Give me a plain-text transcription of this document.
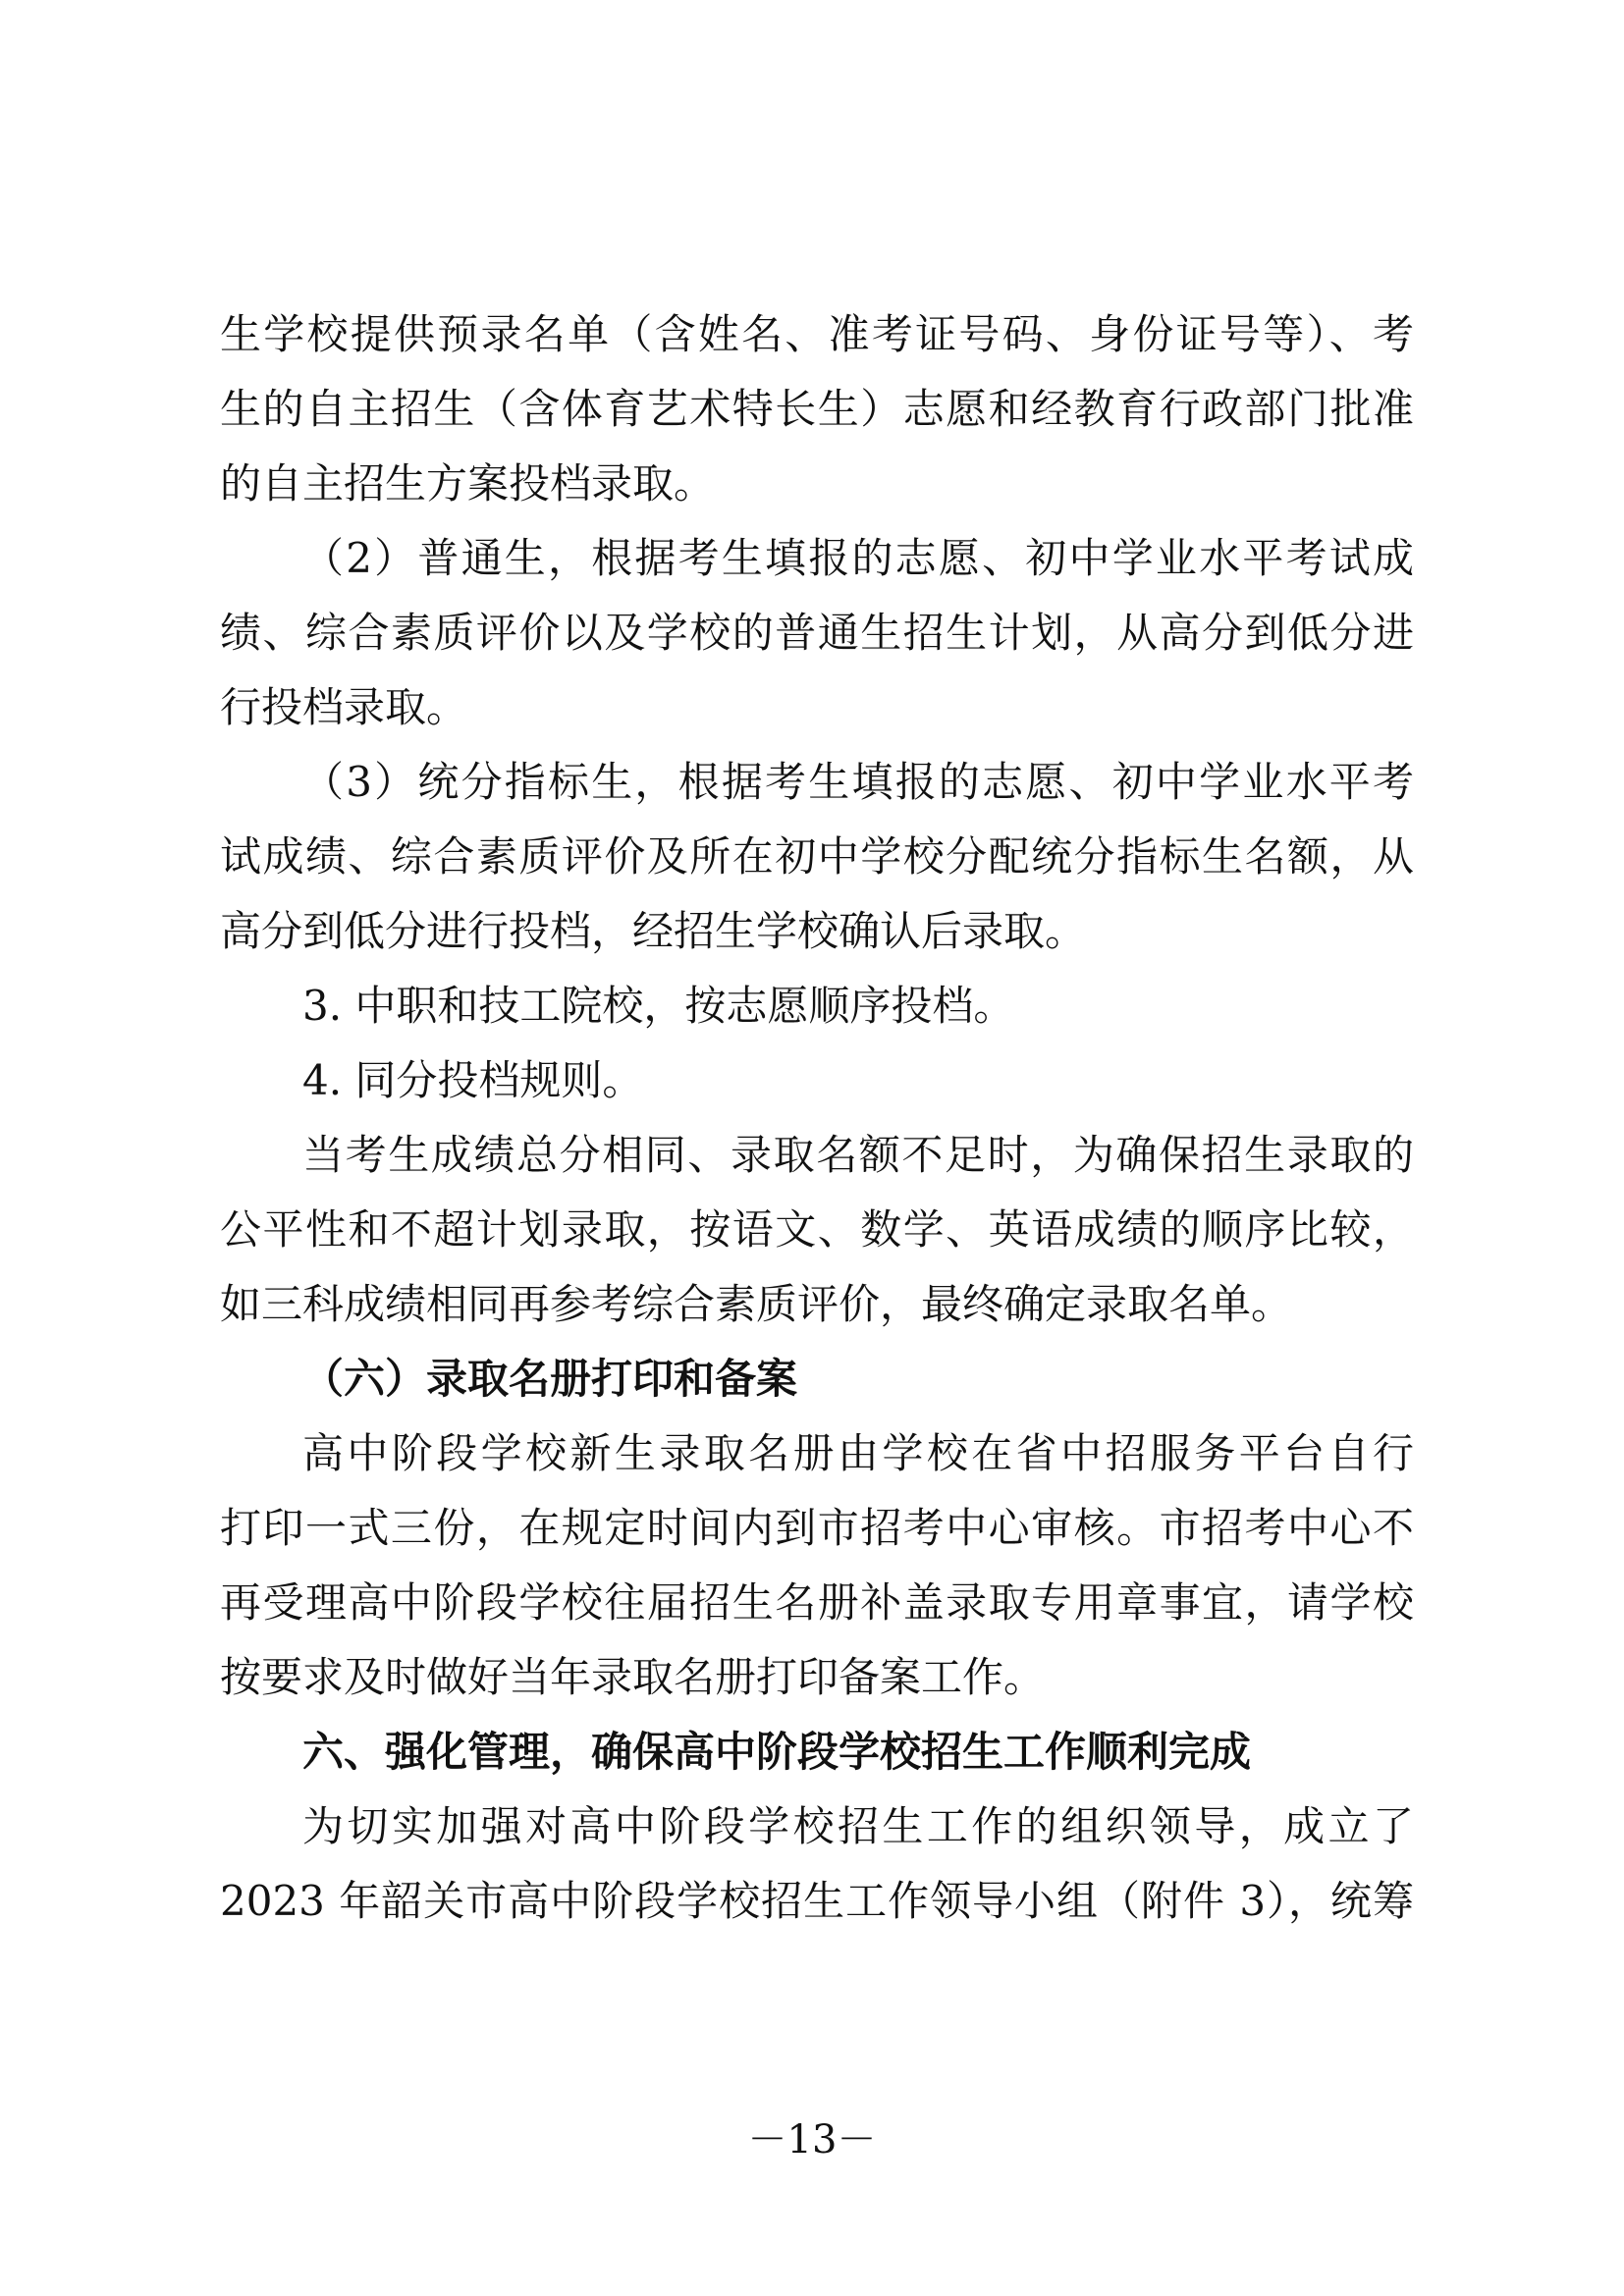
生学校提供预录名单（含姓名、准考证号码、身份证号等）、考
生的自主招生（含体育艺术特长生）志愿和经教育行政部门批准
的自主招生方案投档录取。
（2）普通生，根据考生填报的志愿、初中学业水平考试成
绩、综合素质评价以及学校的普通生招生计划，从高分到低分进
行投档录取。
（3）统分指标生，根据考生填报的志愿、初中学业水平考
试成绩、综合素质评价及所在初中学校分配统分指标生名额，从
高分到低分进行投档，经招生学校确认后录取。
3. 中职和技工院校，按志愿顺序投档。
4. 同分投档规则。
当考生成绩总分相同、录取名额不足时，为确保招生录取的
公平性和不超计划录取，按语文、数学、英语成绩的顺序比较，
如三科成绩相同再参考综合素质评价，最终确定录取名单。
（六）录取名册打印和备案
高中阶段学校新生录取名册由学校在省中招服务平台自行
打印一式三份，在规定时间内到市招考中心审核。市招考中心不
再受理高中阶段学校往届招生名册补盖录取专用章事宜，请学校
按要求及时做好当年录取名册打印备案工作。
六、强化管理，确保高中阶段学校招生工作顺利完成
为切实加强对高中阶段学校招生工作的组织领导，成立了
2023 年韶关市高中阶段学校招生工作领导小组（附件 3），统筹
－13－
